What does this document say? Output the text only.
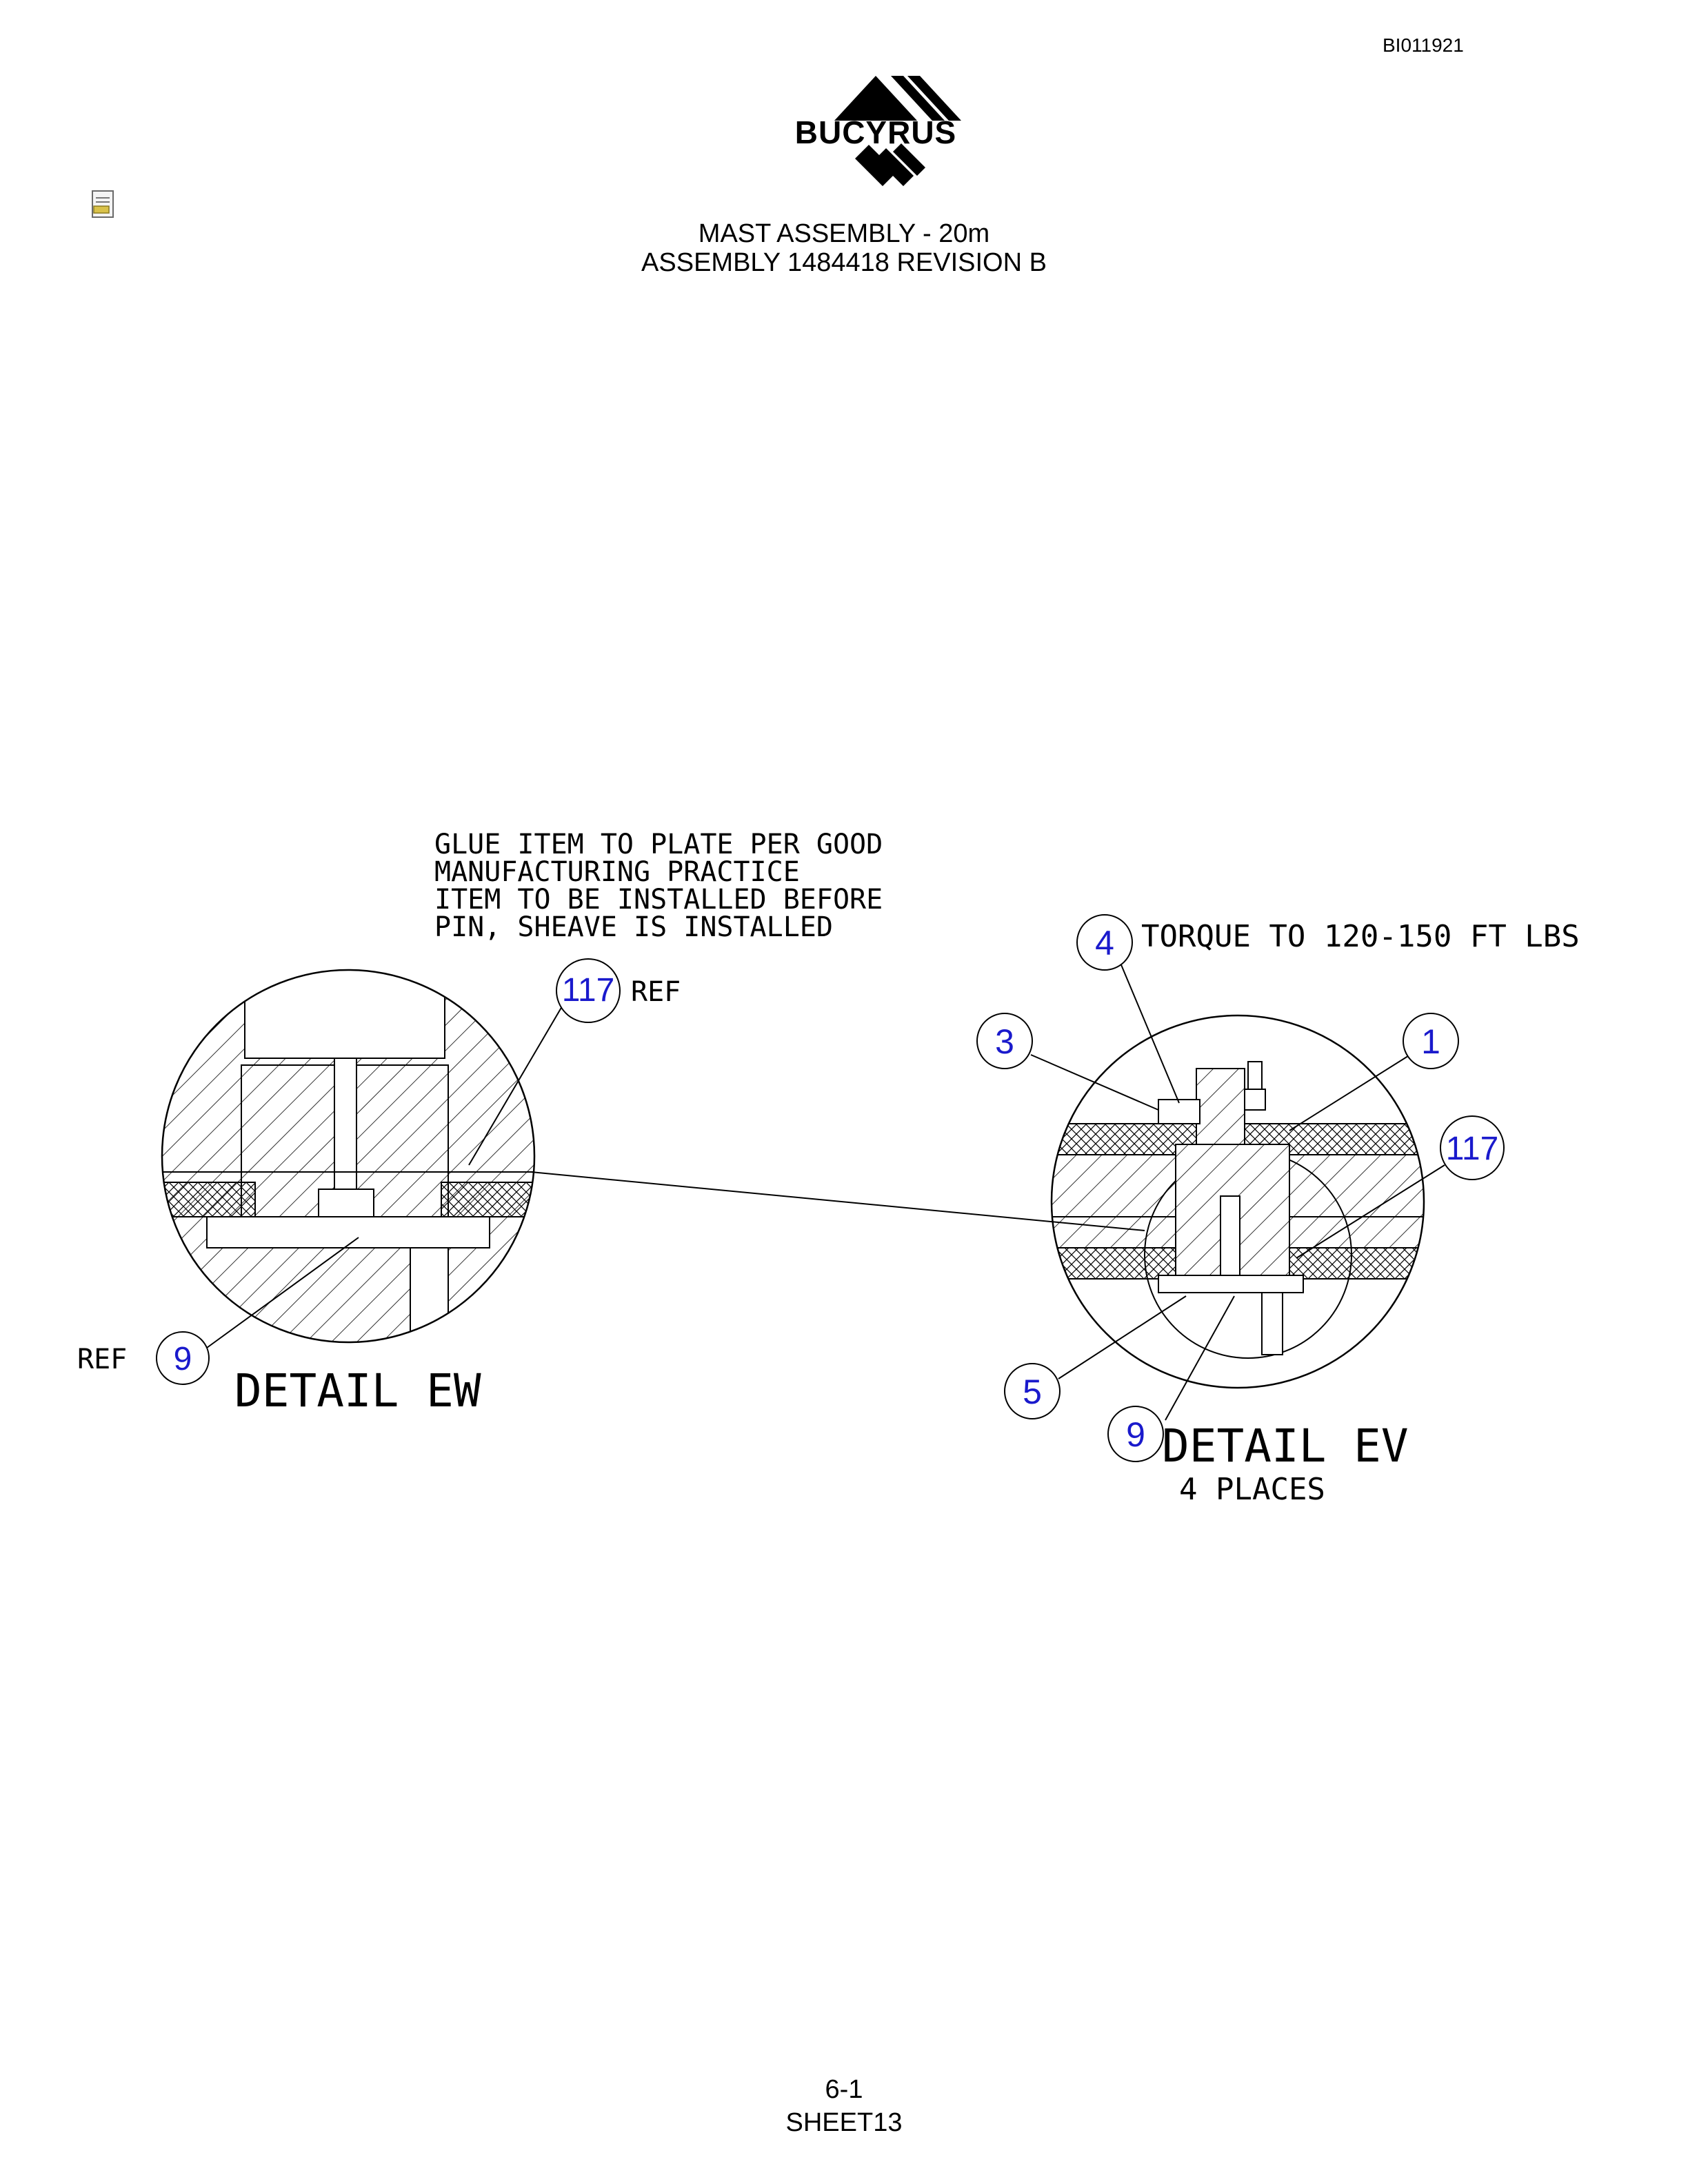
BI011921
BUCYRUS
MAST ASSEMBLY - 20m
ASSEMBLY 1484418 REVISION B
GLUE ITEM TO PLATE PER GOOD
MANUFACTURING PRACTICE
ITEM TO BE INSTALLED BEFORE
PIN, SHEAVE IS INSTALLED	TORQUE TO 120-150 FT LBS
117 REF
9
REF
DETAIL EW
4
3	1
117
5
9 DETAIL EV
4 PLACES
6-1
SHEET13
